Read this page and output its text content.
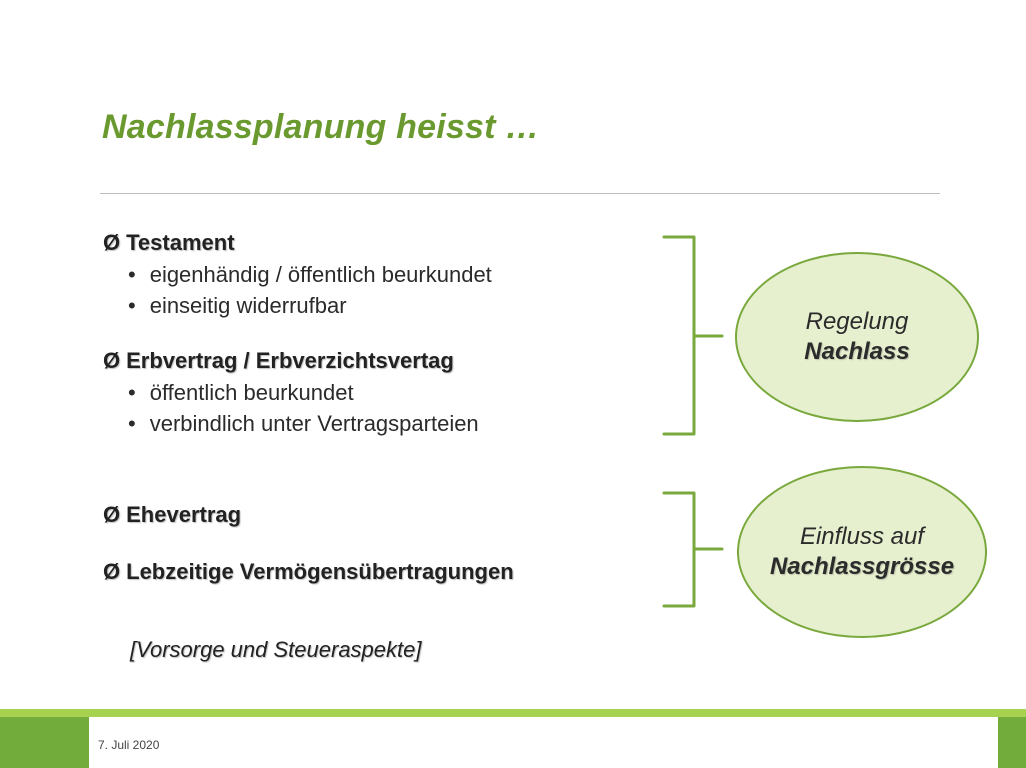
Nachlassplanung heisst …
Ø Testament
• eigenhändig / öffentlich beurkundet
• einseitig widerrufbar
Ø Erbvertrag / Erbverzichtsvertag
• öffentlich beurkundet
• verbindlich unter Vertragsparteien
Ø Ehevertrag
Ø Lebzeitige Vermögensübertragungen
[Vorsorge und Steueraspekte]
Regelung
Nachlass
Einfluss auf
Nachlassgrösse
7. Juli 2020
